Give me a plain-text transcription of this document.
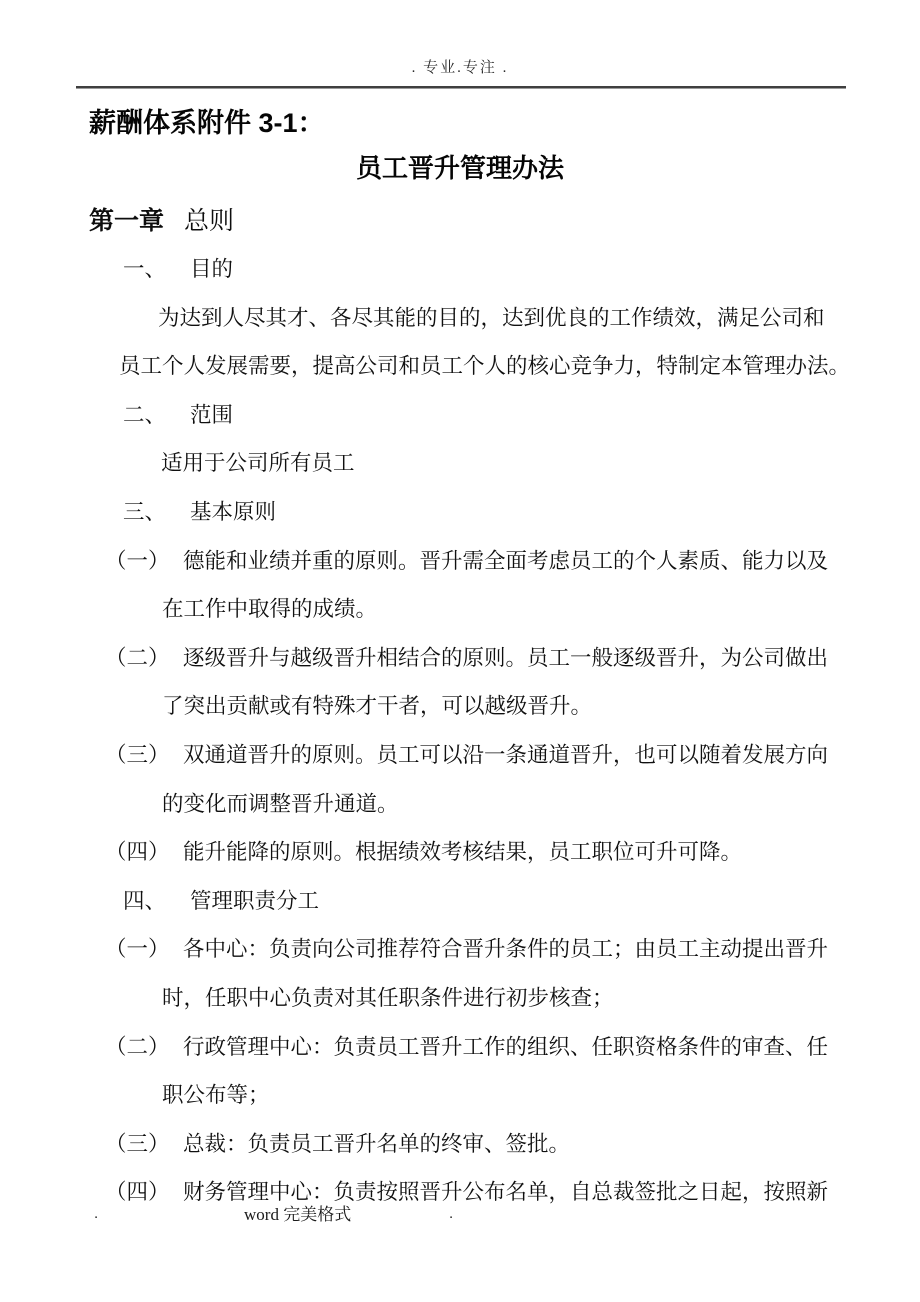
. 专业.专注 .
薪酬体系附件 3-1：
员工晋升管理办法
第一章 总则

一、 目的

为达到人尽其才、各尽其能的目的，达到优良的工作绩效，满足公司和
员工个人发展需要，提高公司和员工个人的核心竞争力，特制定本管理办法。

二、 范围

适用于公司所有员工

三、 基本原则

（一） 德能和业绩并重的原则。晋升需全面考虑员工的个人素质、能力以及
在工作中取得的成绩。

（二） 逐级晋升与越级晋升相结合的原则。员工一般逐级晋升，为公司做出
了突出贡献或有特殊才干者，可以越级晋升。

（三） 双通道晋升的原则。员工可以沿一条通道晋升，也可以随着发展方向
的变化而调整晋升通道。

（四） 能升能降的原则。根据绩效考核结果，员工职位可升可降。

四、 管理职责分工

（一） 各中心：负责向公司推荐符合晋升条件的员工；由员工主动提出晋升
时，任职中心负责对其任职条件进行初步核查；

（二） 行政管理中心：负责员工晋升工作的组织、任职资格条件的审查、任
职公布等；

（三） 总裁：负责员工晋升名单的终审、签批。

（四） 财务管理中心：负责按照晋升公布名单，自总裁签批之日起，按照新

.	word 完美格式	.
